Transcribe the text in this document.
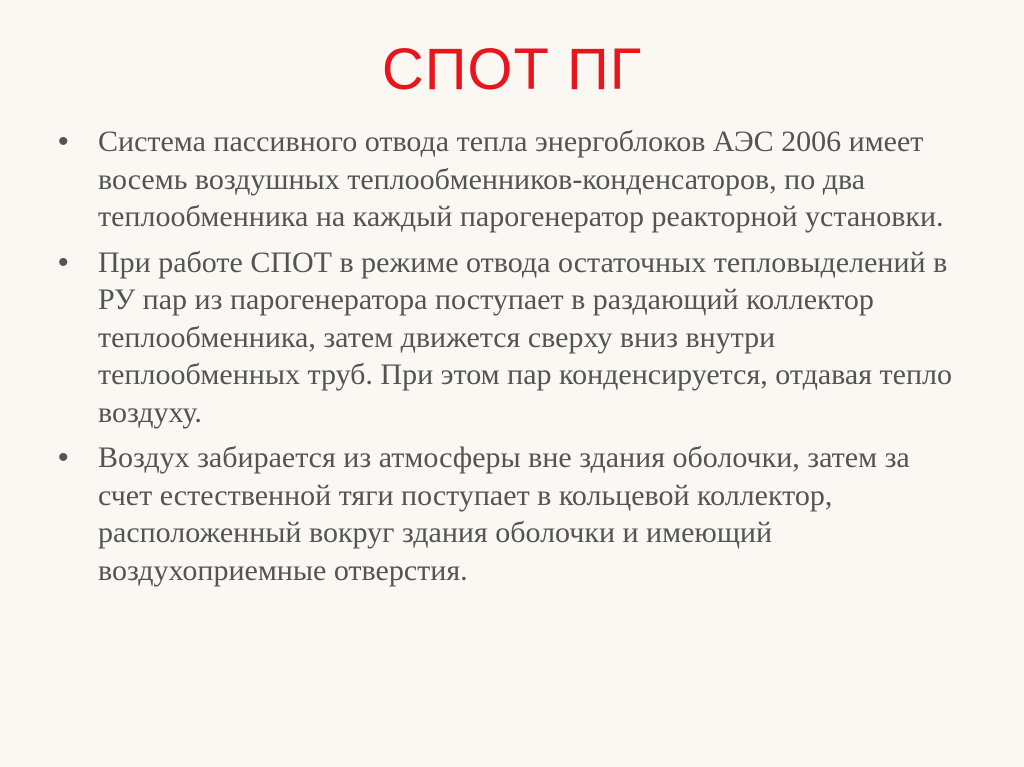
СПОТ ПГ
• Система пассивного отвода тепла энергоблоков АЭС 2006 имеет восемь воздушных теплообменников-конденсаторов, по два теплообменника на каждый парогенератор реакторной установки.
• При работе СПОТ в режиме отвода остаточных тепловыделений в РУ пар из парогенератора поступает в раздающий коллектор теплообменника, затем движется сверху вниз внутри теплообменных труб. При этом пар конденсируется, отдавая тепло воздуху.
• Воздух забирается из атмосферы вне здания оболочки, затем за счет естественной тяги поступает в кольцевой коллектор, расположенный вокруг здания оболочки и имеющий воздухоприемные отверстия.
